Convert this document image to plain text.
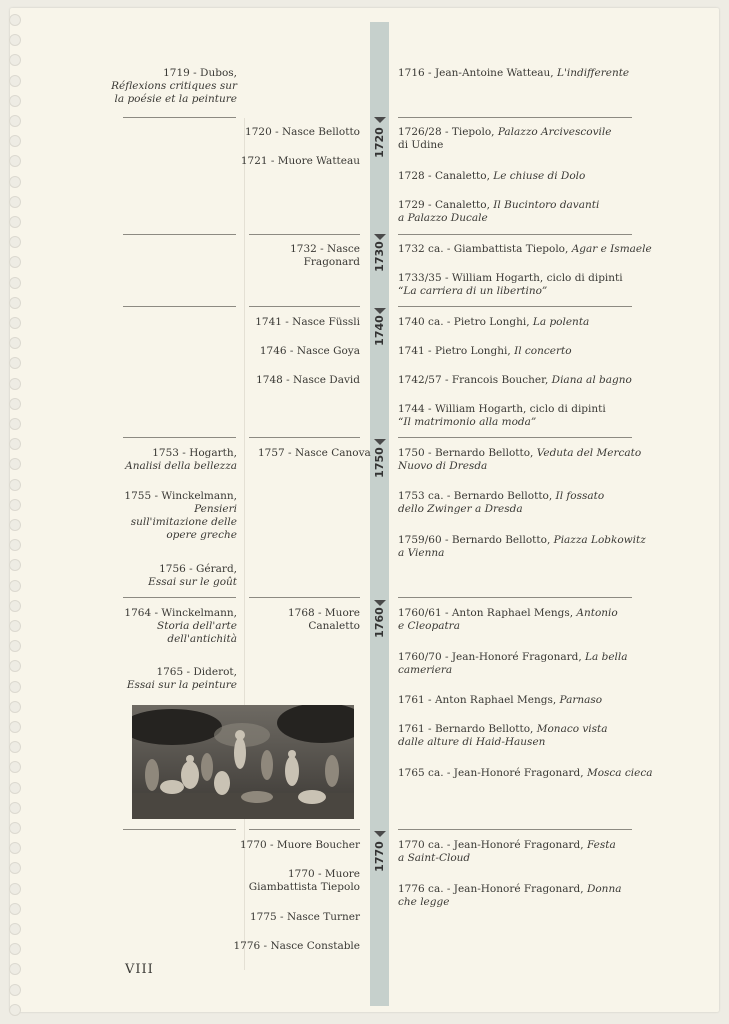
1720
1730
1740
1750
1760
1770
1719 - Dubos,
Réflexions critiques sur
la poésie et la peinture
1753 - Hogarth,
Analisi della bellezza
1755 - Winckelmann,
Pensieri
sull'imitazione delle
opere greche
1756 - Gérard,
Essai sur le goût
1764 - Winckelmann,
Storia dell'arte
dell'antichità
1765 - Diderot,
Essai sur la peinture
1720 - Nasce Bellotto
1721 - Muore Watteau
1732 - Nasce
Fragonard
1741 - Nasce Füssli
1746 - Nasce Goya
1748 - Nasce David
1757 - Nasce Canova
1768 - Muore
Canaletto
1770 - Muore Boucher
1770 - Muore
Giambattista Tiepolo
1775 - Nasce Turner
1776 - Nasce Constable
1716 - Jean-Antoine Watteau, L'indifferente
1726/28 - Tiepolo, Palazzo Arcivescovile
di Udine
1728 - Canaletto, Le chiuse di Dolo
1729 - Canaletto, Il Bucintoro davanti
a Palazzo Ducale
1732 ca. - Giambattista Tiepolo, Agar e Ismaele
1733/35 - William Hogarth, ciclo di dipinti
“La carriera di un libertino”
1740 ca. - Pietro Longhi, La polenta
1741 - Pietro Longhi, Il concerto
1742/57 - Francois Boucher, Diana al bagno
1744 - William Hogarth, ciclo di dipinti
“Il matrimonio alla moda”
1750 - Bernardo Bellotto, Veduta del Mercato
Nuovo di Dresda
1753 ca. - Bernardo Bellotto, Il fossato
dello Zwinger a Dresda
1759/60 - Bernardo Bellotto, Piazza Lobkowitz
a Vienna
1760/61 - Anton Raphael Mengs, Antonio
e Cleopatra
1760/70 - Jean-Honoré Fragonard, La bella
cameriera
1761 - Anton Raphael Mengs, Parnaso
1761 - Bernardo Bellotto, Monaco vista
dalle alture di Haid-Hausen
1765 ca. - Jean-Honoré Fragonard, Mosca cieca
1770 ca. - Jean-Honoré Fragonard, Festa
a Saint-Cloud
1776 ca. - Jean-Honoré Fragonard, Donna
che legge
VIII
